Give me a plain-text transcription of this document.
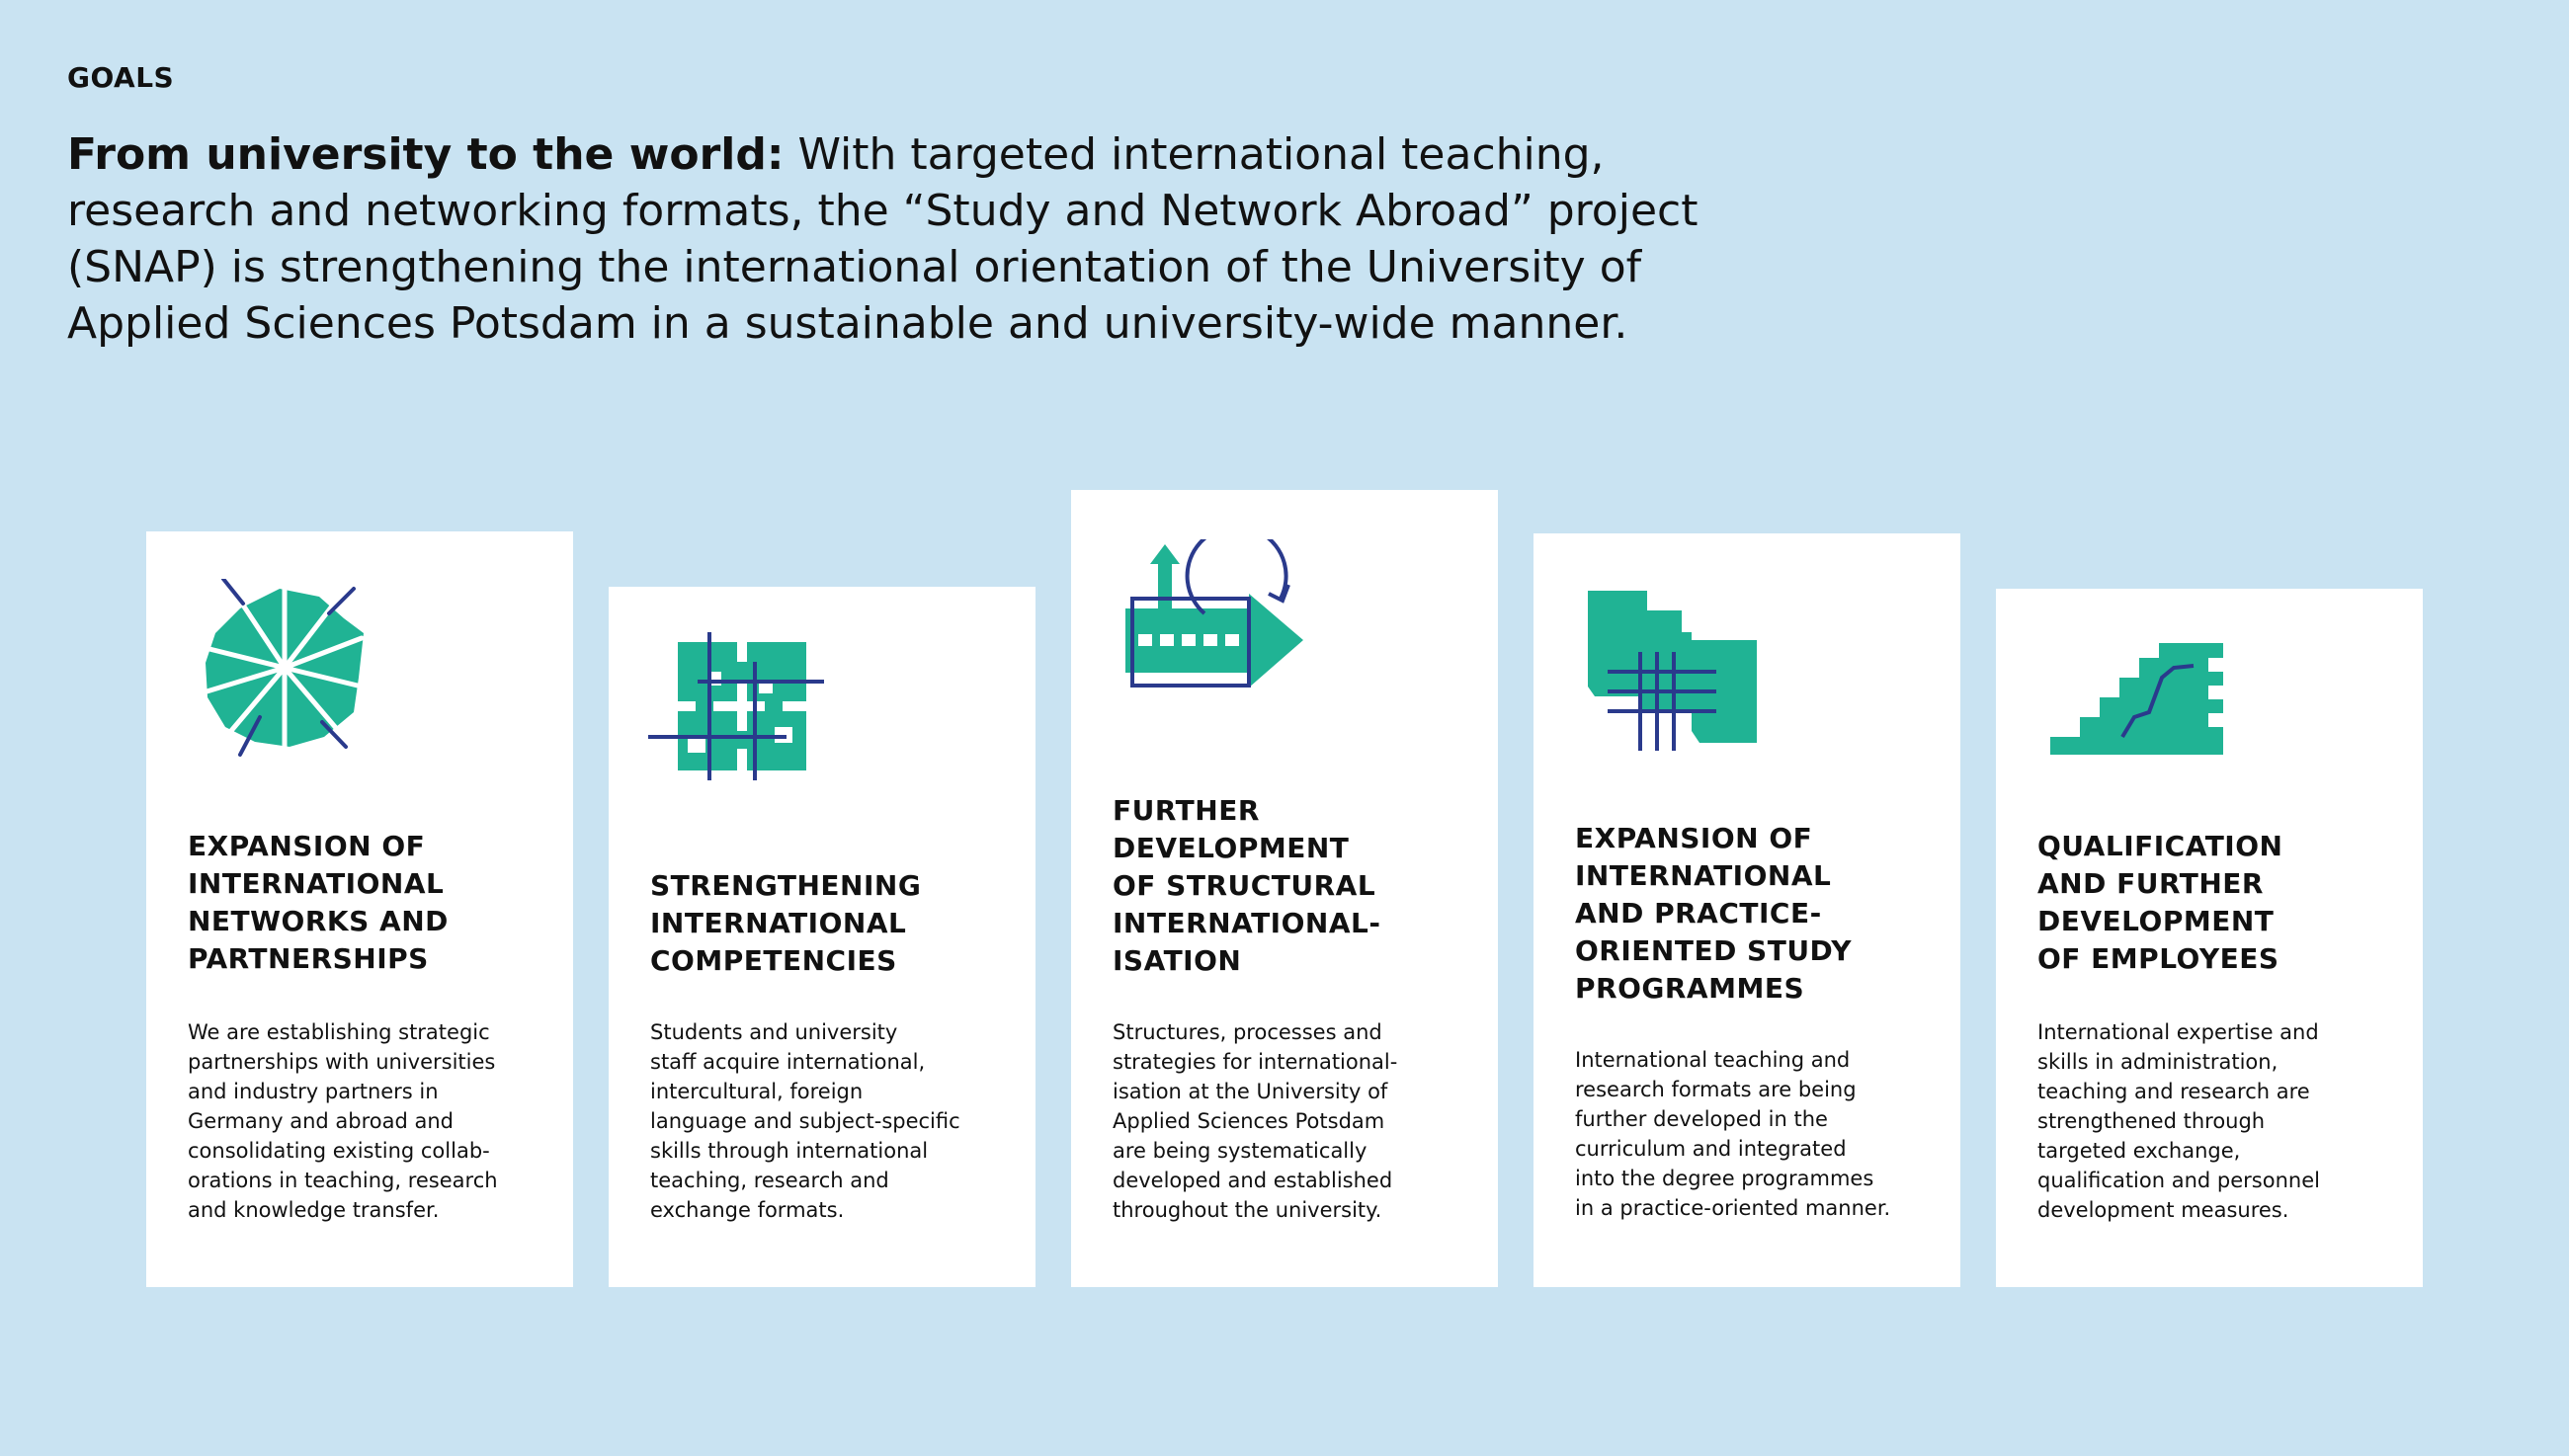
GOALS
From university to the world: With targeted international teaching, research and networking formats, the “Study and Network Abroad” project (SNAP) is strengthening the international orientation of the University of Applied Sciences Potsdam in a sustainable and university-wide manner.
EXPANSION OF
INTERNATIONAL
NETWORKS AND
PARTNERSHIPS
We are establishing strategic
partnerships with universities
and industry partners in
Germany and abroad and
consolidating existing collab-
orations in teaching, research
and knowledge transfer.
STRENGTHENING
INTERNATIONAL
COMPETENCIES
Students and university
staff acquire international,
intercultural, foreign
language and subject-specific
skills through international
teaching, research and
exchange formats.
FURTHER
DEVELOPMENT
OF STRUCTURAL
INTERNATIONAL-
ISATION
Structures, processes and
strategies for international-
isation at the University of
Applied Sciences Potsdam
are being systematically
developed and established
throughout the university.
EXPANSION OF
INTERNATIONAL
AND PRACTICE-
ORIENTED STUDY
PROGRAMMES
International teaching and
research formats are being
further developed in the
curriculum and integrated
into the degree programmes
in a practice-oriented manner.
QUALIFICATION
AND FURTHER
DEVELOPMENT
OF EMPLOYEES
International expertise and
skills in administration,
teaching and research are
strengthened through
targeted exchange,
qualification and personnel
development measures.
